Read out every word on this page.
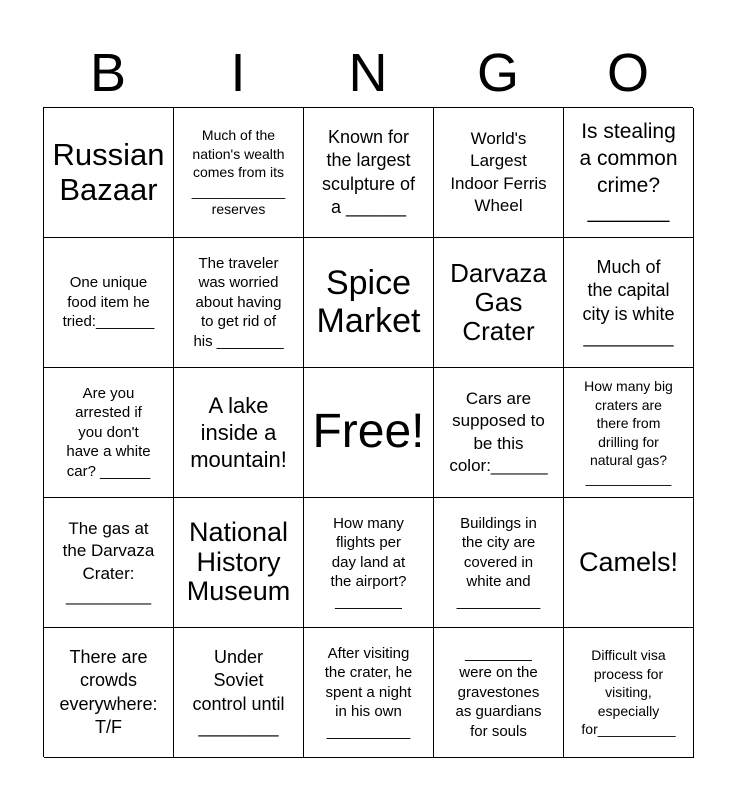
B	I	N	G	O
Russian
Bazaar
Much of the
nation's wealth
comes from its
____________
reserves
Known for
the largest
sculpture of
a ______
World's
Largest
Indoor Ferris
Wheel
Is stealing
a common
crime?
_______
One unique
food item he
tried:_______
The traveler
was worried
about having
to get rid of
his ________
Spice
Market
Darvaza
Gas
Crater
Much of
the capital
city is white
_________
Are you
arrested if
you don't
have a white
car? ______
A lake
inside a
mountain!
Free!
Cars are
supposed to
be this
color:______
How many big
craters are
there from
drilling for
natural gas?
___________
The gas at
the Darvaza
Crater:
_________
National
History
Museum
How many
flights per
day land at
the airport?
________
Buildings in
the city are
covered in
white and
__________
Camels!
There are
crowds
everywhere:
T/F
Under
Soviet
control until
________
After visiting
the crater, he
spent a night
in his own
__________
________
were on the
gravestones
as guardians
for souls
Difficult visa
process for
visiting,
especially
for__________
